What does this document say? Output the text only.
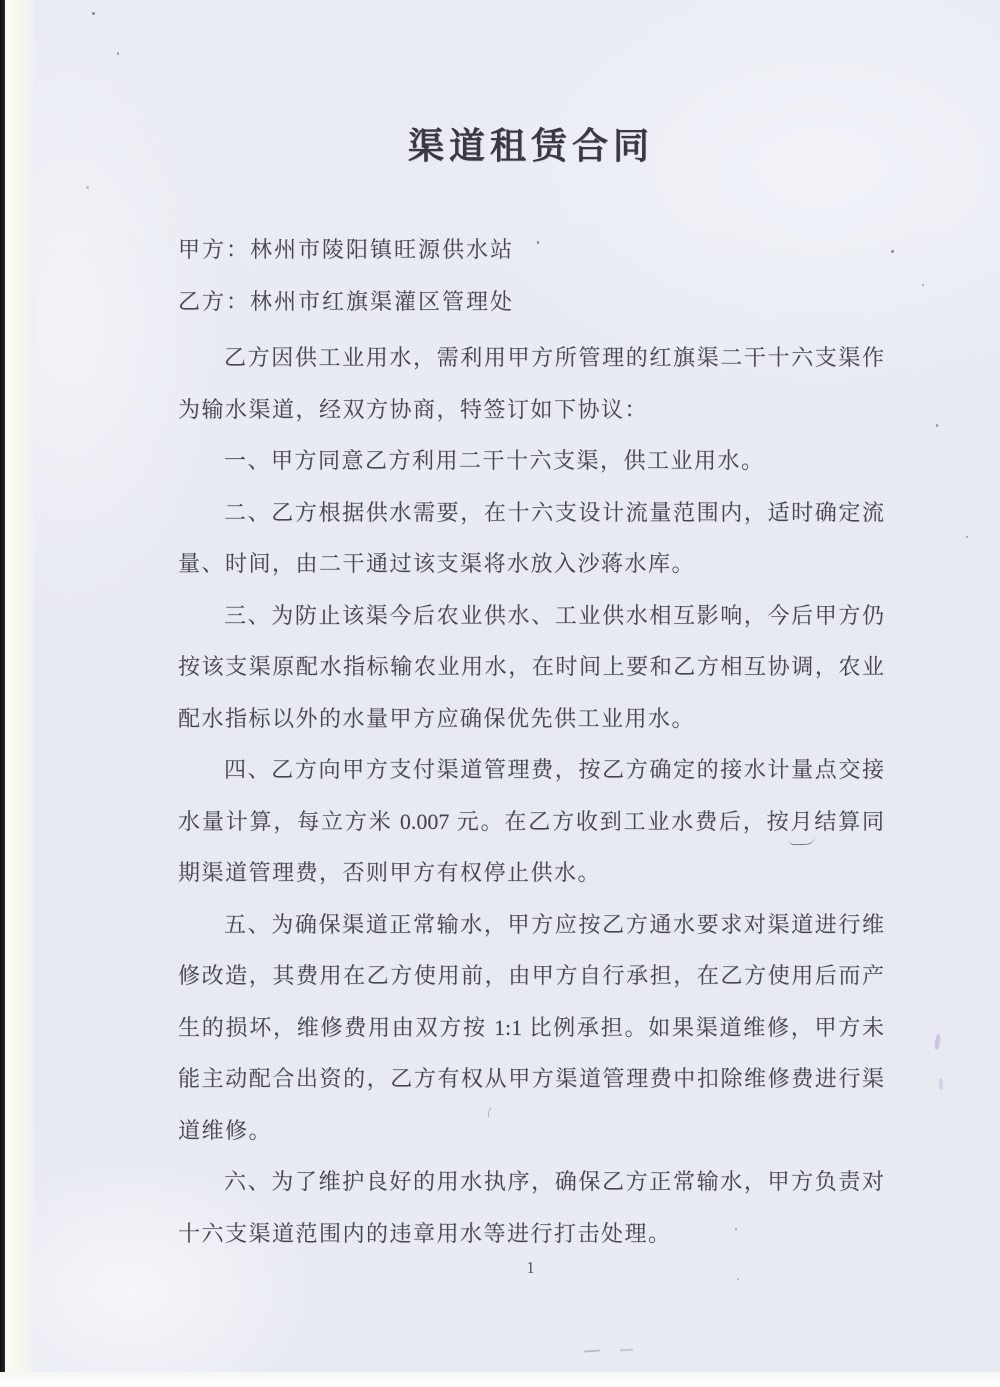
渠道租赁合同
甲方：林州市陵阳镇旺源供水站
乙方：林州市红旗渠灌区管理处
乙方因供工业用水，需利用甲方所管理的红旗渠二干十六支渠作
为输水渠道，经双方协商，特签订如下协议：
一、甲方同意乙方利用二干十六支渠，供工业用水。
二、乙方根据供水需要，在十六支设计流量范围内，适时确定流
量、时间，由二干通过该支渠将水放入沙蒋水库。
三、为防止该渠今后农业供水、工业供水相互影响，今后甲方仍
按该支渠原配水指标输农业用水，在时间上要和乙方相互协调，农业
配水指标以外的水量甲方应确保优先供工业用水。
四、乙方向甲方支付渠道管理费，按乙方确定的接水计量点交接
水量计算，每立方米 0.007 元。在乙方收到工业水费后，按月结算同
期渠道管理费，否则甲方有权停止供水。
五、为确保渠道正常输水，甲方应按乙方通水要求对渠道进行维
修改造，其费用在乙方使用前，由甲方自行承担，在乙方使用后而产
生的损坏，维修费用由双方按 1:1 比例承担。如果渠道维修，甲方未
能主动配合出资的，乙方有权从甲方渠道管理费中扣除维修费进行渠
道维修。
六、为了维护良好的用水执序，确保乙方正常输水，甲方负责对
十六支渠道范围内的违章用水等进行打击处理。
1
